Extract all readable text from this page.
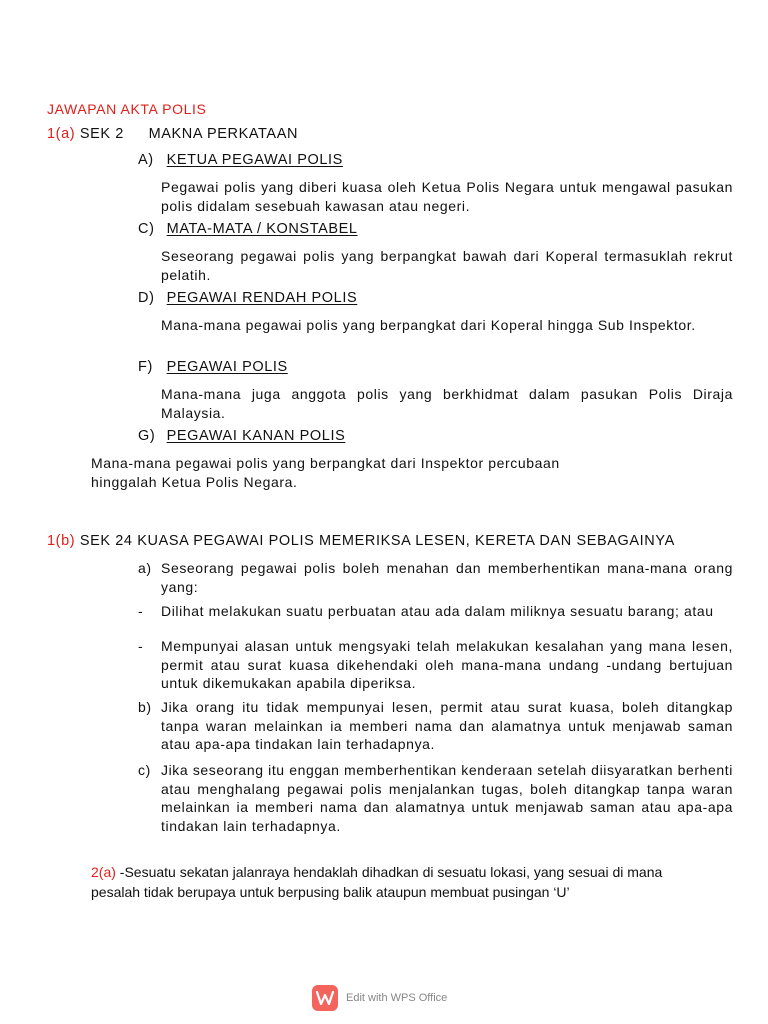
JAWAPAN AKTA POLIS
1(a) SEK 2 MAKNA PERKATAAN
A) KETUA PEGAWAI POLIS
Pegawai polis yang diberi kuasa oleh Ketua Polis Negara untuk mengawal pasukan polis didalam sesebuah kawasan atau negeri.
C) MATA-MATA / KONSTABEL
Seseorang pegawai polis yang berpangkat bawah dari Koperal termasuklah rekrut pelatih.
D) PEGAWAI RENDAH POLIS
Mana-mana pegawai polis yang berpangkat dari Koperal hingga Sub Inspektor.
F) PEGAWAI POLIS
Mana-mana juga anggota polis yang berkhidmat dalam pasukan Polis Diraja Malaysia.
G) PEGAWAI KANAN POLIS
Mana-mana pegawai polis yang berpangkat dari Inspektor percubaan
hinggalah Ketua Polis Negara.
1(b) SEK 24 KUASA PEGAWAI POLIS MEMERIKSA LESEN, KERETA DAN SEBAGAINYA
a) Seseorang pegawai polis boleh menahan dan memberhentikan mana-mana orang yang:
- Dilihat melakukan suatu perbuatan atau ada dalam miliknya sesuatu barang; atau
- Mempunyai alasan untuk mengsyaki telah melakukan kesalahan yang mana lesen, permit atau surat kuasa dikehendaki oleh mana-mana undang -undang bertujuan untuk dikemukakan apabila diperiksa.
b) Jika orang itu tidak mempunyai lesen, permit atau surat kuasa, boleh ditangkap tanpa waran melainkan ia memberi nama dan alamatnya untuk menjawab saman atau apa-apa tindakan lain terhadapnya.
c) Jika seseorang itu enggan memberhentikan kenderaan setelah diisyaratkan berhenti atau menghalang pegawai polis menjalankan tugas, boleh ditangkap tanpa waran melainkan ia memberi nama dan alamatnya untuk menjawab saman atau apa-apa tindakan lain terhadapnya.
2(a) -Sesuatu sekatan jalanraya hendaklah dihadkan di sesuatu lokasi, yang sesuai di mana pesalah tidak berupaya untuk berpusing balik ataupun membuat pusingan ‘U’
Edit with WPS Office
